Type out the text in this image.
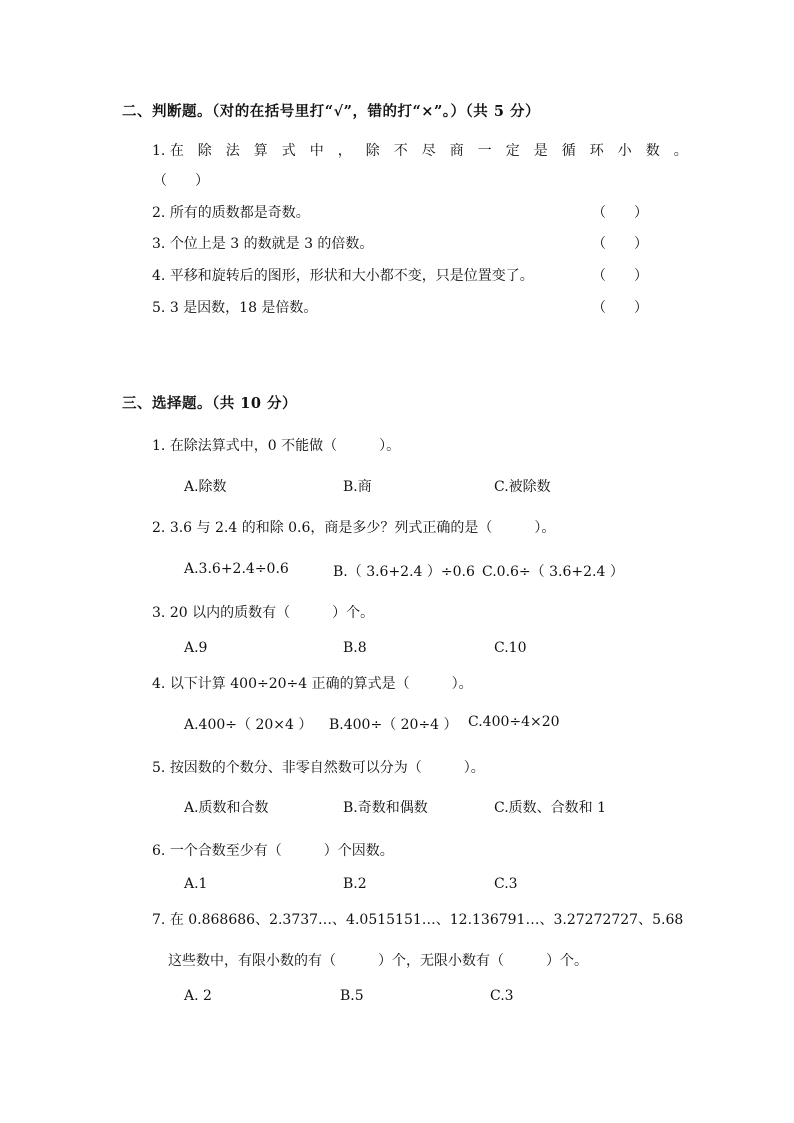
二、判断题。（对的在括号里打“√”，错的打“×”。）（共 5 分）
1. 在除法算式中，除不尽商一定是循环小数。
（　　）
2. 所有的质数都是奇数。	（　　）
3. 个位上是 3 的数就是 3 的倍数。	（　　）
4. 平移和旋转后的图形，形状和大小都不变，只是位置变了。	（　　）
5. 3 是因数，18 是倍数。	（　　）
三、选择题。（共 10 分）
1. 在除法算式中，0 不能做（　　　）。
A.除数	B.商	C.被除数
2. 3.6 与 2.4 的和除 0.6，商是多少？列式正确的是（　　　）。
A.3.6+2.4÷0.6	B.（ 3.6+2.4 ）÷0.6 C.0.6÷（ 3.6+2.4 ）
3. 20 以内的质数有（　　　）个。
A.9	B.8	C.10
4. 以下计算 400÷20÷4 正确的算式是（　　　）。
A.400÷（ 20×4 ） B.400÷（ 20÷4 ） C.400÷4×20
5. 按因数的个数分、非零自然数可以分为（　　　）。
A.质数和合数	B.奇数和偶数	C.质数、合数和 1
6. 一个合数至少有（　　　）个因数。
A.1	B.2	C.3
7. 在 0.868686、2.3737…、4.0515151…、12.136791…、3.2727272​7、5.68
这些数中，有限小数的有（　　　）个，无限小数有（　　　）个。
A. 2	B.5	C.3
